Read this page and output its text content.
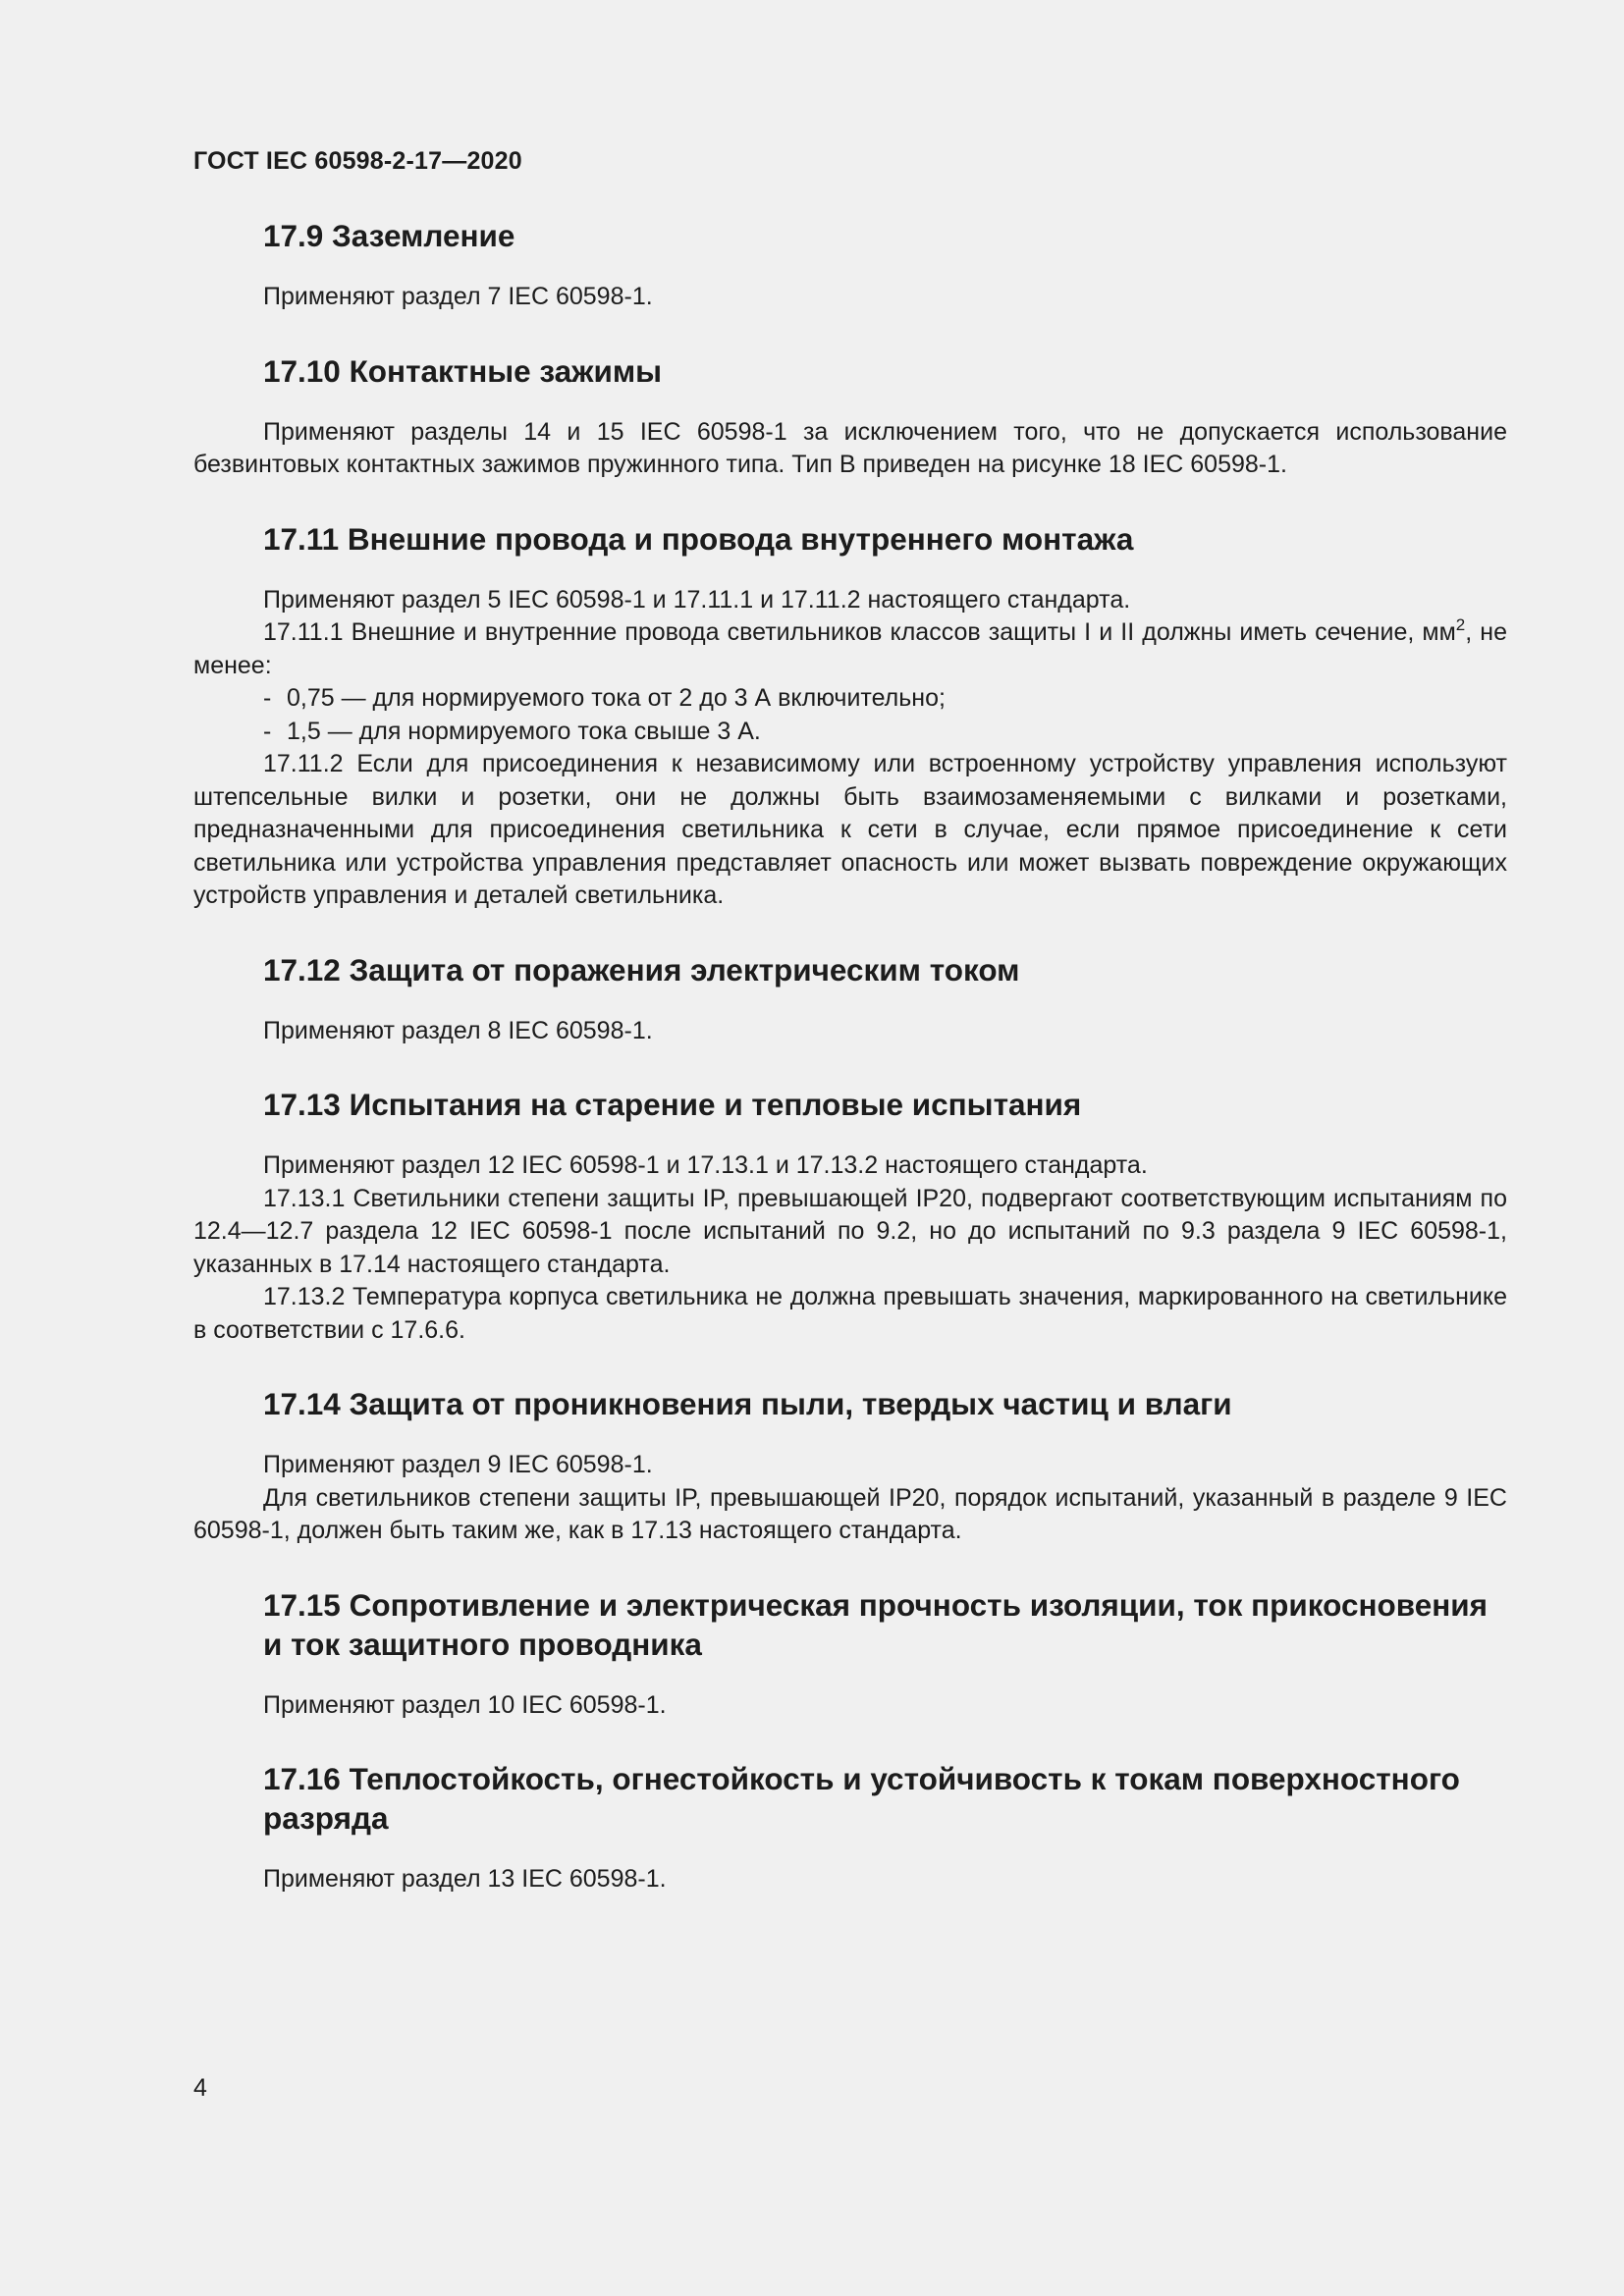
ГОСТ IEC 60598-2-17—2020
17.9 Заземление

Применяют раздел 7 IEC 60598-1.

17.10 Контактные зажимы

Применяют разделы 14 и 15 IEC 60598-1 за исключением того, что не допускается использование безвинтовых контактных зажимов пружинного типа. Тип В приведен на рисунке 18 IEC 60598-1.

17.11 Внешние провода и провода внутреннего монтажа

Применяют раздел 5 IEC 60598-1 и 17.11.1 и 17.11.2 настоящего стандарта.

17.11.1 Внешние и внутренние провода светильников классов защиты I и II должны иметь сечение, $мм^2$, не менее:

- 0,75 — для нормируемого тока от 2 до 3 А включительно;

- 1,5 — для нормируемого тока свыше 3 А.

17.11.2 Если для присоединения к независимому или встроенному устройству управления используют штепсельные вилки и розетки, они не должны быть взаимозаменяемыми с вилками и розетками, предназначенными для присоединения светильника к сети в случае, если прямое присоединение к сети светильника или устройства управления представляет опасность или может вызвать повреждение окружающих устройств управления и деталей светильника.

17.12 Защита от поражения электрическим током

Применяют раздел 8 IEC 60598-1.

17.13 Испытания на старение и тепловые испытания

Применяют раздел 12 IEC 60598-1 и 17.13.1 и 17.13.2 настоящего стандарта.

17.13.1 Светильники степени защиты IP, превышающей IP20, подвергают соответствующим испытаниям по 12.4—12.7 раздела 12 IEC 60598-1 после испытаний по 9.2, но до испытаний по 9.3 раздела 9 IEC 60598-1, указанных в 17.14 настоящего стандарта.

17.13.2 Температура корпуса светильника не должна превышать значения, маркированного на светильнике в соответствии с 17.6.6.

17.14 Защита от проникновения пыли, твердых частиц и влаги

Применяют раздел 9 IEC 60598-1.

Для светильников степени защиты IP, превышающей IP20, порядок испытаний, указанный в разделе 9 IEC 60598-1, должен быть таким же, как в 17.13 настоящего стандарта.

17.15 Сопротивление и электрическая прочность изоляции, ток прикосновения и ток защитного проводника

Применяют раздел 10 IEC 60598-1.

17.16 Теплостойкость, огнестойкость и устойчивость к токам поверхностного разряда

Применяют раздел 13 IEC 60598-1.

4
